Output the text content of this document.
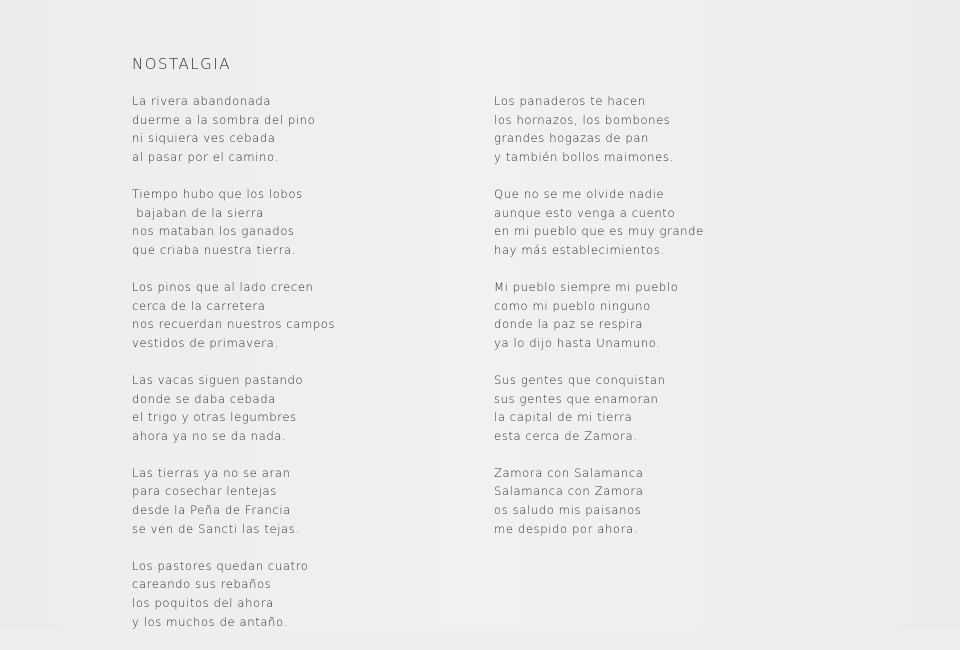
NOSTALGIA
La rivera abandonada
duerme a la sombra del pino
ni siquiera ves cebada
al pasar por el camino.
Tiempo hubo que los lobos
bajaban de la sierra
nos mataban los ganados
que criaba nuestra tierra.
Los pinos que al lado crecen
cerca de la carretera
nos recuerdan nuestros campos
vestidos de primavera.
Las vacas siguen pastando
donde se daba cebada
el trigo y otras legumbres
ahora ya no se da nada.
Las tierras ya no se aran
para cosechar lentejas
desde la Peña de Francia
se ven de Sancti las tejas.
Los pastores quedan cuatro
careando sus rebaños
los poquitos del ahora
y los muchos de antaño.
Los panaderos te hacen
los hornazos, los bombones
grandes hogazas de pan
y también bollos maimones.
Que no se me olvide nadie
aunque esto venga a cuento
en mi pueblo que es muy grande
hay más establecimientos.
Mi pueblo siempre mi pueblo
como mi pueblo ninguno
donde la paz se respira
ya lo dijo hasta Unamuno.
Sus gentes que conquistan
sus gentes que enamoran
la capital de mi tierra
esta cerca de Zamora.
Zamora con Salamanca
Salamanca con Zamora
os saludo mis paisanos
me despido por ahora.
